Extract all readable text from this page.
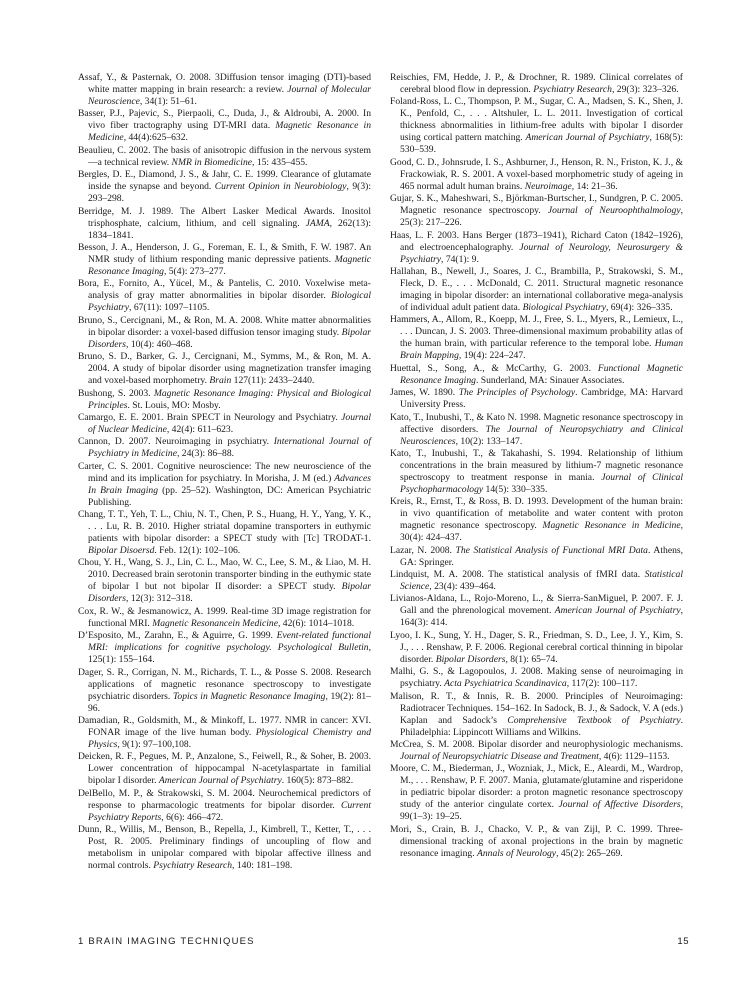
Assaf, Y., & Pasternak, O. 2008. 3Diffusion tensor imaging (DTI)-based white matter mapping in brain research: a review. Journal of Molecular Neuroscience, 34(1): 51–61.

Basser, P.J., Pajevic, S., Pierpaoli, C., Duda, J., & Aldroubi, A. 2000. In vivo fiber tractography using DT-MRI data. Magnetic Resonance in Medicine, 44(4):625–632.

Beaulieu, C. 2002. The basis of anisotropic diffusion in the nervous system—a technical review. NMR in Biomedicine, 15: 435–455.

Bergles, D. E., Diamond, J. S., & Jahr, C. E. 1999. Clearance of glutamate inside the synapse and beyond. Current Opinion in Neurobiology, 9(3): 293–298.

Berridge, M. J. 1989. The Albert Lasker Medical Awards. Inositol trisphosphate, calcium, lithium, and cell signaling. JAMA, 262(13): 1834–1841.

Besson, J. A., Henderson, J. G., Foreman, E. I., & Smith, F. W. 1987. An NMR study of lithium responding manic depressive patients. Magnetic Resonance Imaging, 5(4): 273–277.

Bora, E., Fornito, A., Yücel, M., & Pantelis, C. 2010. Voxelwise meta-analysis of gray matter abnormalities in bipolar disorder. Biological Psychiatry, 67(11): 1097–1105.

Bruno, S., Cercignani, M., & Ron, M. A. 2008. White matter abnormalities in bipolar disorder: a voxel-based diffusion tensor imaging study. Bipolar Disorders, 10(4): 460–468.

Bruno, S. D., Barker, G. J., Cercignani, M., Symms, M., & Ron, M. A. 2004. A study of bipolar disorder using magnetization transfer imaging and voxel-based morphometry. Brain 127(11): 2433–2440.

Bushong, S. 2003. Magnetic Resonance Imaging: Physical and Biological Principles. St. Louis, MO: Mosby.

Camargo, E. E. 2001. Brain SPECT in Neurology and Psychiatry. Journal of Nuclear Medicine, 42(4): 611–623.

Cannon, D. 2007. Neuroimaging in psychiatry. International Journal of Psychiatry in Medicine, 24(3): 86–88.

Carter, C. S. 2001. Cognitive neuroscience: The new neuroscience of the mind and its implication for psychiatry. In Morisha, J. M (ed.) Advances In Brain Imaging (pp. 25–52). Washington, DC: American Psychiatric Publishing.

Chang, T. T., Yeh, T. L., Chiu, N. T., Chen, P. S., Huang, H. Y., Yang, Y. K., . . . Lu, R. B. 2010. Higher striatal dopamine transporters in euthymic patients with bipolar disorder: a SPECT study with [Tc] TRODAT-1. Bipolar Disoersd. Feb. 12(1): 102–106.

Chou, Y. H., Wang, S. J., Lin, C. L., Mao, W. C., Lee, S. M., & Liao, M. H. 2010. Decreased brain serotonin transporter binding in the euthymic state of bipolar I but not bipolar II disorder: a SPECT study. Bipolar Disorders, 12(3): 312–318.

Cox, R. W., & Jesmanowicz, A. 1999. Real-time 3D image registration for functional MRI. Magnetic Resonancein Medicine, 42(6): 1014–1018.

D’Esposito, M., Zarahn, E., & Aguirre, G. 1999. Event-related functional MRI: implications for cognitive psychology. Psychological Bulletin, 125(1): 155–164.

Dager, S. R., Corrigan, N. M., Richards, T. L., & Posse S. 2008. Research applications of magnetic resonance spectroscopy to investigate psychiatric disorders. Topics in Magnetic Resonance Imaging, 19(2): 81–96.

Damadian, R., Goldsmith, M., & Minkoff, L. 1977. NMR in cancer: XVI. FONAR image of the live human body. Physiological Chemistry and Physics, 9(1): 97–100,108.

Deicken, R. F., Pegues, M. P., Anzalone, S., Feiwell, R., & Soher, B. 2003. Lower concentration of hippocampal N-acetylaspartate in familial bipolar I disorder. American Journal of Psychiatry. 160(5): 873–882.

DelBello, M. P., & Strakowski, S. M. 2004. Neurochemical predictors of response to pharmacologic treatments for bipolar disorder. Current Psychiatry Reports, 6(6): 466–472.

Dunn, R., Willis, M., Benson, B., Repella, J., Kimbrell, T., Ketter, T., . . . Post, R. 2005. Preliminary findings of uncoupling of flow and metabolism in unipolar compared with bipolar affective illness and normal controls. Psychiatry Research, 140: 181–198.

Reischies, FM, Hedde, J. P., & Drochner, R. 1989. Clinical correlates of cerebral blood flow in depression. Psychiatry Research, 29(3): 323–326.

Foland-Ross, L. C., Thompson, P. M., Sugar, C. A., Madsen, S. K., Shen, J. K., Penfold, C., . . . Altshuler, L. L. 2011. Investigation of cortical thickness abnormalities in lithium-free adults with bipolar I disorder using cortical pattern matching. American Journal of Psychiatry, 168(5): 530–539.

Good, C. D., Johnsrude, I. S., Ashburner, J., Henson, R. N., Friston, K. J., & Frackowiak, R. S. 2001. A voxel-based morphometric study of ageing in 465 normal adult human brains. Neuroimage, 14: 21–36.

Gujar, S. K., Maheshwari, S., Björkman-Burtscher, I., Sundgren, P. C. 2005. Magnetic resonance spectroscopy. Journal of Neuroophthalmology, 25(3): 217–226.

Haas, L. F. 2003. Hans Berger (1873–1941), Richard Caton (1842–1926), and electroencephalography. Journal of Neurology, Neurosurgery & Psychiatry, 74(1): 9.

Hallahan, B., Newell, J., Soares, J. C., Brambilla, P., Strakowski, S. M., Fleck, D. E., . . . McDonald, C. 2011. Structural magnetic resonance imaging in bipolar disorder: an international collaborative mega-analysis of individual adult patient data. Biological Psychiatry, 69(4): 326–335.

Hammers, A., Allom, R., Koepp, M. J., Free, S. L., Myers, R., Lemieux, L., . . . Duncan, J. S. 2003. Three-dimensional maximum probability atlas of the human brain, with particular reference to the temporal lobe. Human Brain Mapping, 19(4): 224–247.

Huettal, S., Song, A., & McCarthy, G. 2003. Functional Magnetic Resonance Imaging. Sunderland, MA: Sinauer Associates.

James, W. 1890. The Principles of Psychology. Cambridge, MA: Harvard University Press.

Kato, T., Inubushi, T., & Kato N. 1998. Magnetic resonance spectroscopy in affective disorders. The Journal of Neuropsychiatry and Clinical Neurosciences, 10(2): 133–147.

Kato, T., Inubushi, T., & Takahashi, S. 1994. Relationship of lithium concentrations in the brain measured by lithium-7 magnetic resonance spectroscopy to treatment response in mania. Journal of Clinical Psychopharmacology 14(5): 330–335.

Kreis, R., Ernst, T., & Ross, B. D. 1993. Development of the human brain: in vivo quantification of metabolite and water content with proton magnetic resonance spectroscopy. Magnetic Resonance in Medicine, 30(4): 424–437.

Lazar, N. 2008. The Statistical Analysis of Functional MRI Data. Athens, GA: Springer.

Lindquist, M. A. 2008. The statistical analysis of fMRI data. Statistical Science, 23(4): 439–464.

Livianos-Aldana, L., Rojo-Moreno, L., & Sierra-SanMiguel, P. 2007. F. J. Gall and the phrenological movement. American Journal of Psychiatry, 164(3): 414.

Lyoo, I. K., Sung, Y. H., Dager, S. R., Friedman, S. D., Lee, J. Y., Kim, S. J., . . . Renshaw, P. F. 2006. Regional cerebral cortical thinning in bipolar disorder. Bipolar Disorders, 8(1): 65–74.

Malhi, G. S., & Lagopoulos, J. 2008. Making sense of neuroimaging in psychiatry. Acta Psychiatrica Scandinavica, 117(2): 100–117.

Malison, R. T., & Innis, R. B. 2000. Principles of Neuroimaging: Radiotracer Techniques. 154–162. In Sadock, B. J., & Sadock, V. A (eds.) Kaplan and Sadock’s Comprehensive Textbook of Psychiatry. Philadelphia: Lippincott Williams and Wilkins.

McCrea, S. M. 2008. Bipolar disorder and neurophysiologic mechanisms. Journal of Neuropsychiatric Disease and Treatment, 4(6): 1129–1153.

Moore, C. M., Biederman, J., Wozniak, J., Mick, E., Aleardi, M., Wardrop, M., . . . Renshaw, P. F. 2007. Mania, glutamate/glutamine and risperidone in pediatric bipolar disorder: a proton magnetic resonance spectroscopy study of the anterior cingulate cortex. Journal of Affective Disorders, 99(1–3): 19–25.

Mori, S., Crain, B. J., Chacko, V. P., & van Zijl, P. C. 1999. Three-dimensional tracking of axonal projections in the brain by magnetic resonance imaging. Annals of Neurology, 45(2): 265–269.

1 BRAIN IMAGING TECHNIQUES	15
